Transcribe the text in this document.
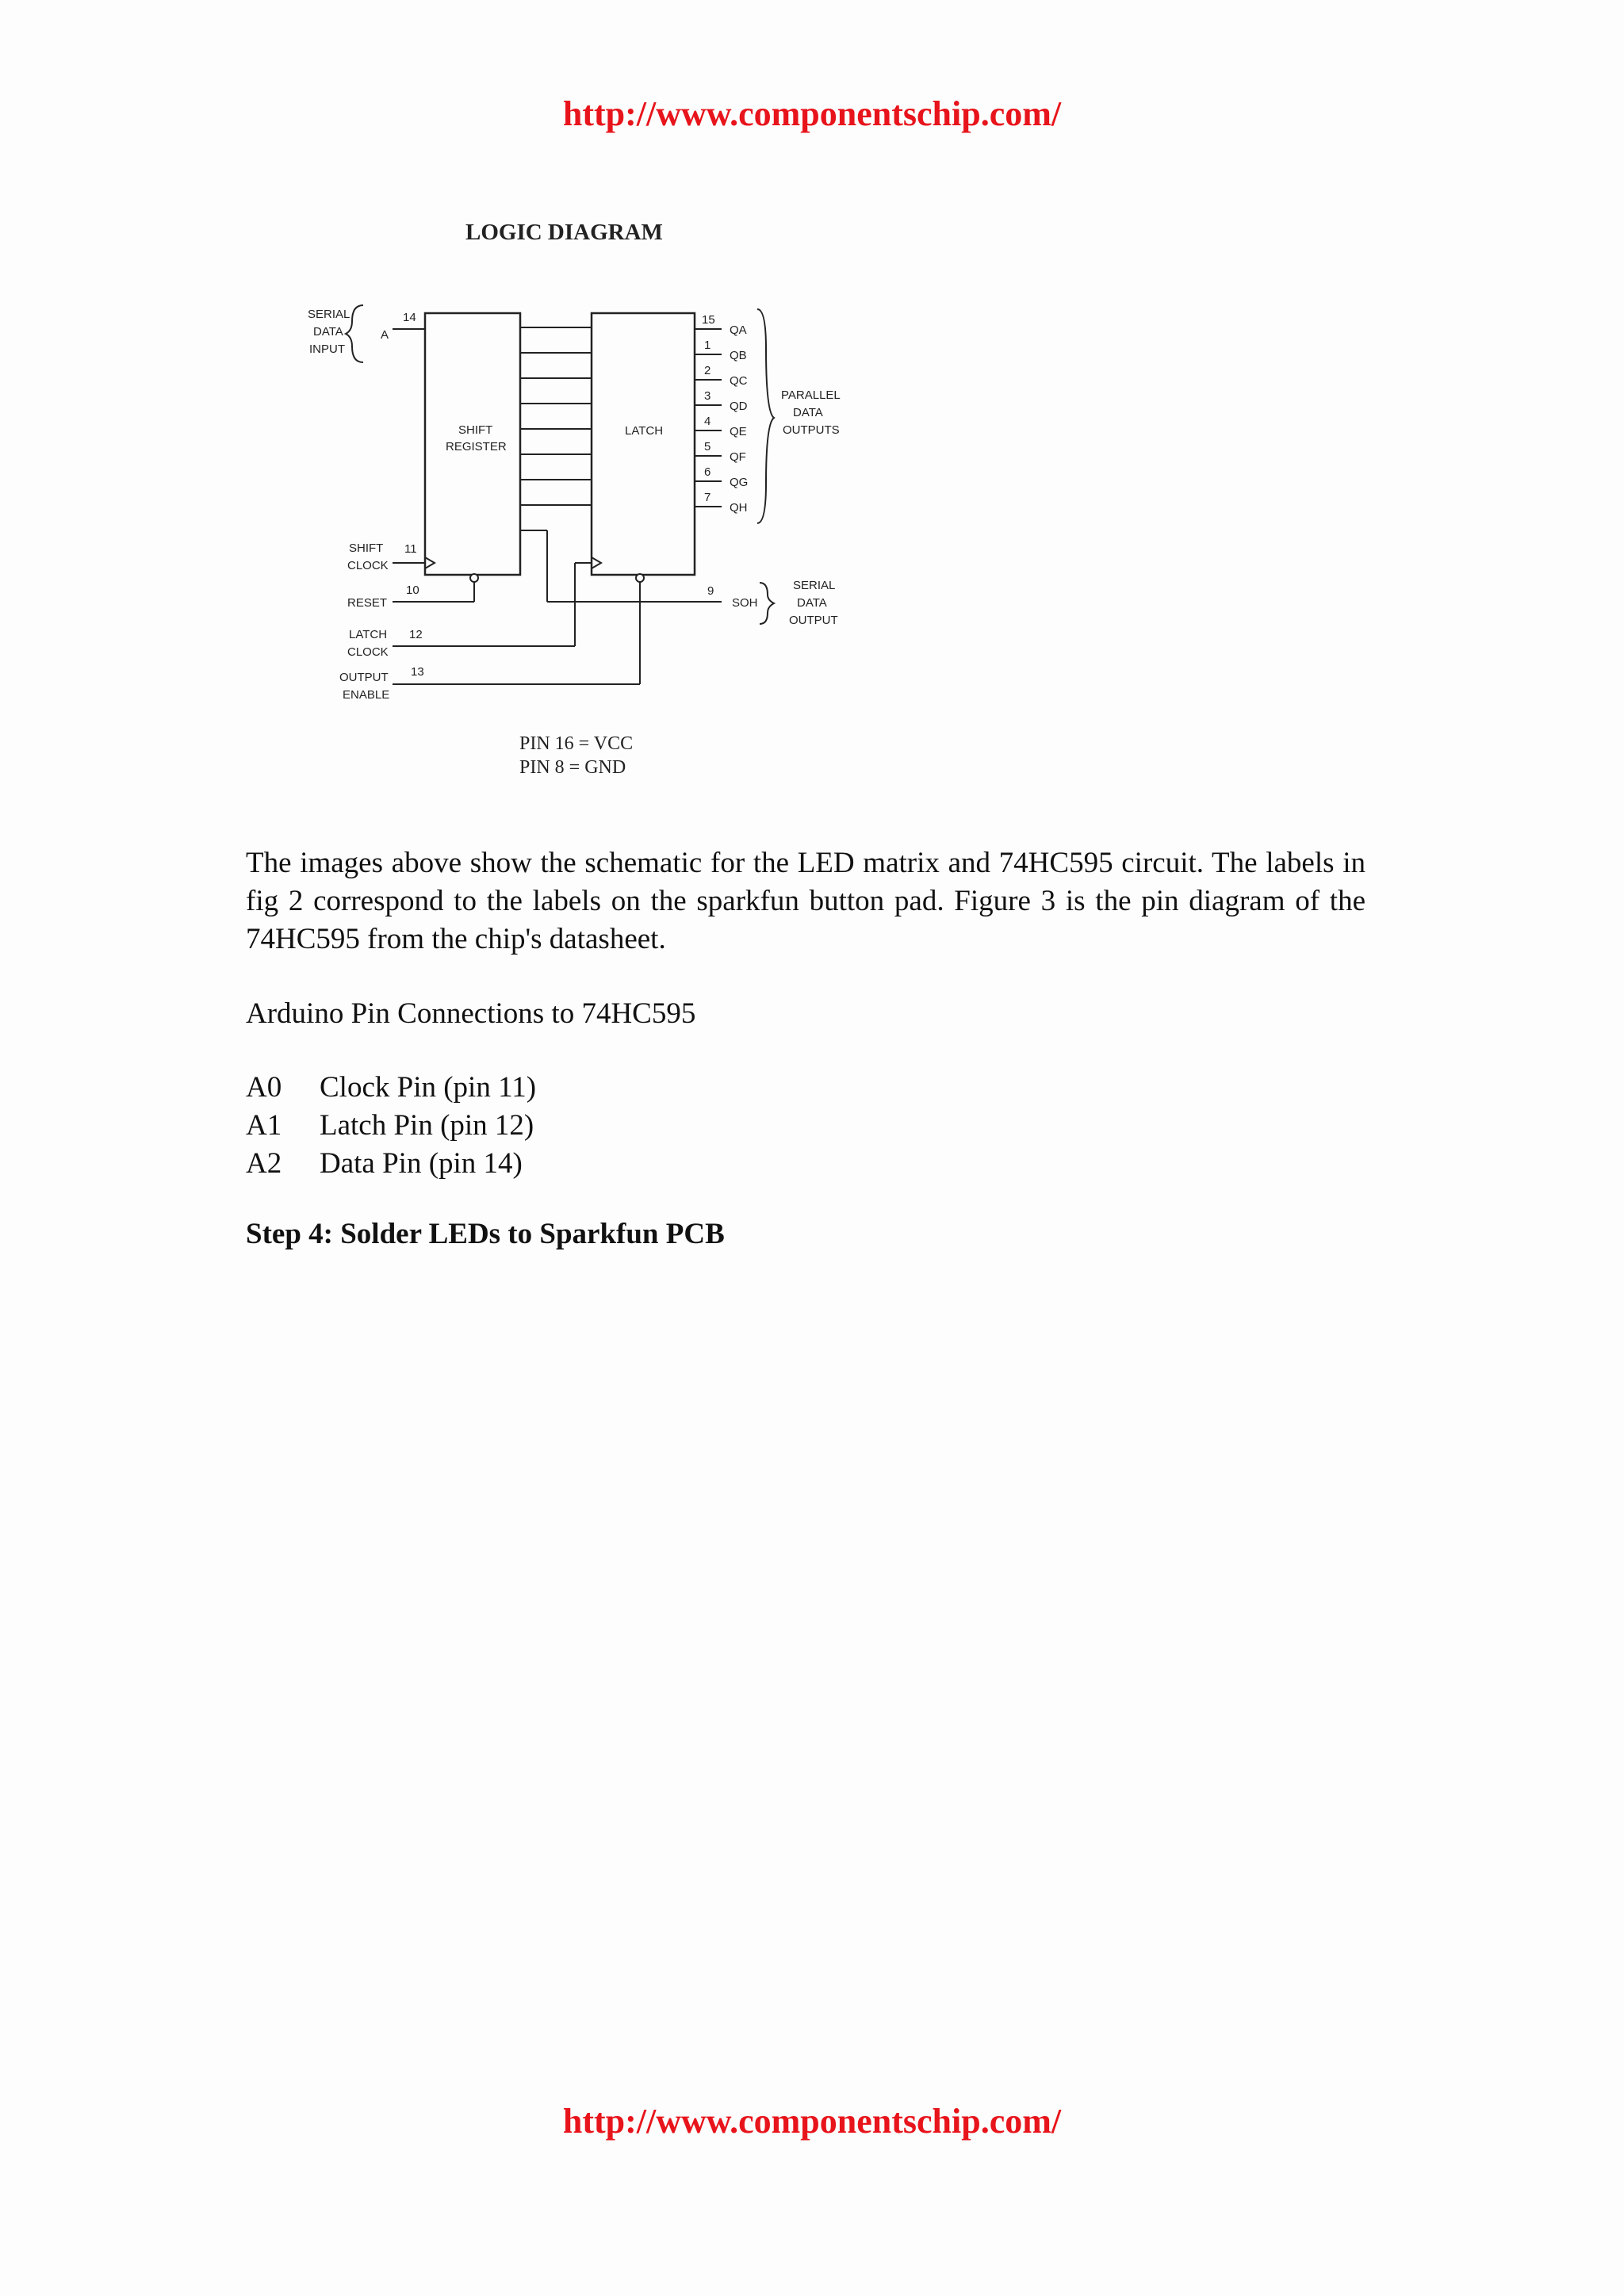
http://www.componentschip.com/
LOGIC DIAGRAM
SERIAL
DATA
INPUT
A
14
SHIFT
REGISTER
LATCH
15
1
2
3
4
5
6
7
QA
QB
QC
QD
QE
QF
QG
QH
PARALLEL
DATA
OUTPUTS
SHIFT
CLOCK
11
RESET
10
LATCH
CLOCK
12
OUTPUT
ENABLE
13
9
SOH
SERIAL
DATA
OUTPUT
PIN 16 = VCC
PIN 8 = GND
The images above show the schematic for the LED matrix and 74HC595 circuit. The labels in fig 2 correspond to the labels on the sparkfun button pad. Figure 3 is the pin diagram of the 74HC595 from the chip's datasheet.
Arduino Pin Connections to 74HC595
A0	Clock Pin (pin 11)
A1	Latch Pin (pin 12)
A2	Data Pin (pin 14)
Step 4: Solder LEDs to Sparkfun PCB
http://www.componentschip.com/
